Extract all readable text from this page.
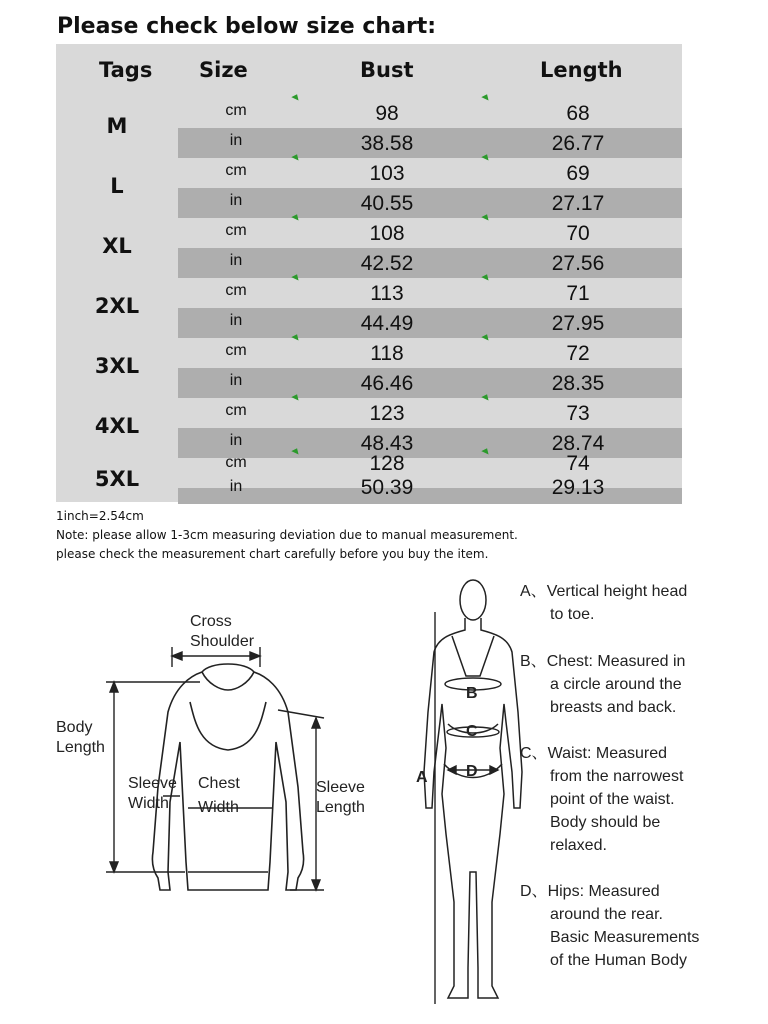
Please check below size chart:
Tags Size	Bust	Length
M
cm
in
98
38.58
68
26.77
L
cm
in
103
40.55
69
27.17
XL
cm
in
108
42.52
70
27.56
2XL
cm
in
113
44.49
71
27.95
3XL
cm
in
118
46.46
72
28.35
4XL
cm
in
123
48.43
73
28.74
5XL
cm
in
128
50.39
74
29.13
1inch=2.54cm
Note: please allow 1-3cm measuring deviation due to manual measurement.
please check the measurement chart carefully before you buy the item.
Cross
Shoulder
Body
Length
Sleeve
Width
Chest
Width
Sleeve
Length
A
B
C
D
A、Vertical height head
to toe.
B、Chest: Measured in
a circle around the
breasts and back.
C、Waist: Measured
from the narrowest
point of the waist.
Body should be
relaxed.
D、Hips: Measured
around the rear.
Basic Measurements
of the Human Body
